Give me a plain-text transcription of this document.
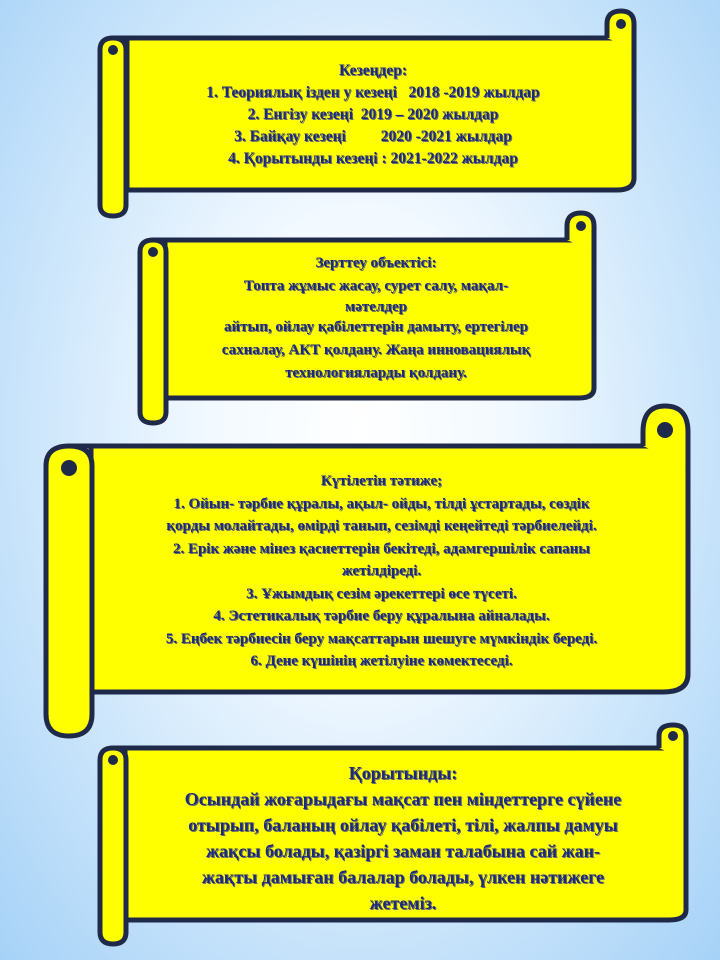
Кезеңдер:
1. Теориялық ізден у кезеңі   2018 -2019 жылдар
2. Енгізу кезеңі  2019 – 2020 жылдар
3. Байқау кезеңі         2020 -2021 жылдар
4. Қорытынды кезеңі : 2021-2022 жылдар
Зерттеу объектісі:
Топта жұмыс жасау, сурет салу, мақал-
мәтелдер
айтып, ойлау қабілеттерін дамыту, ертегілер
сахналау, АКТ қолдану. Жаңа инновациялық
технологияларды қолдану.
Күтілетін тәтиже;
1. Ойын- тәрбие құралы, ақыл- ойды, тілді ұстартады, сөздік
қорды молайтады, өмірді танып, сезімді кеңейтеді тәрбиелейді.
2. Ерік және мінез қасиеттерін бекітеді, адамгершілік сапаны
жетілдіреді.
3. Ұжымдық сезім әрекеттері өсе түсеті.
4. Эстетикалық тәрбие беру құралына айналады.
5. Еңбек тәрбиесін беру мақсаттарын шешуге мүмкіндік береді.
6. Дене күшінің жетілуіне көмектеседі.
Қорытынды:
Осындай жоғарыдағы мақсат пен міндеттерге сүйене
отырып, баланың ойлау қабілеті, тілі, жалпы дамуы
жақсы болады, қазіргі заман талабына сай жан-
жақты дамыған балалар болады, үлкен нәтижеге
жетеміз.
